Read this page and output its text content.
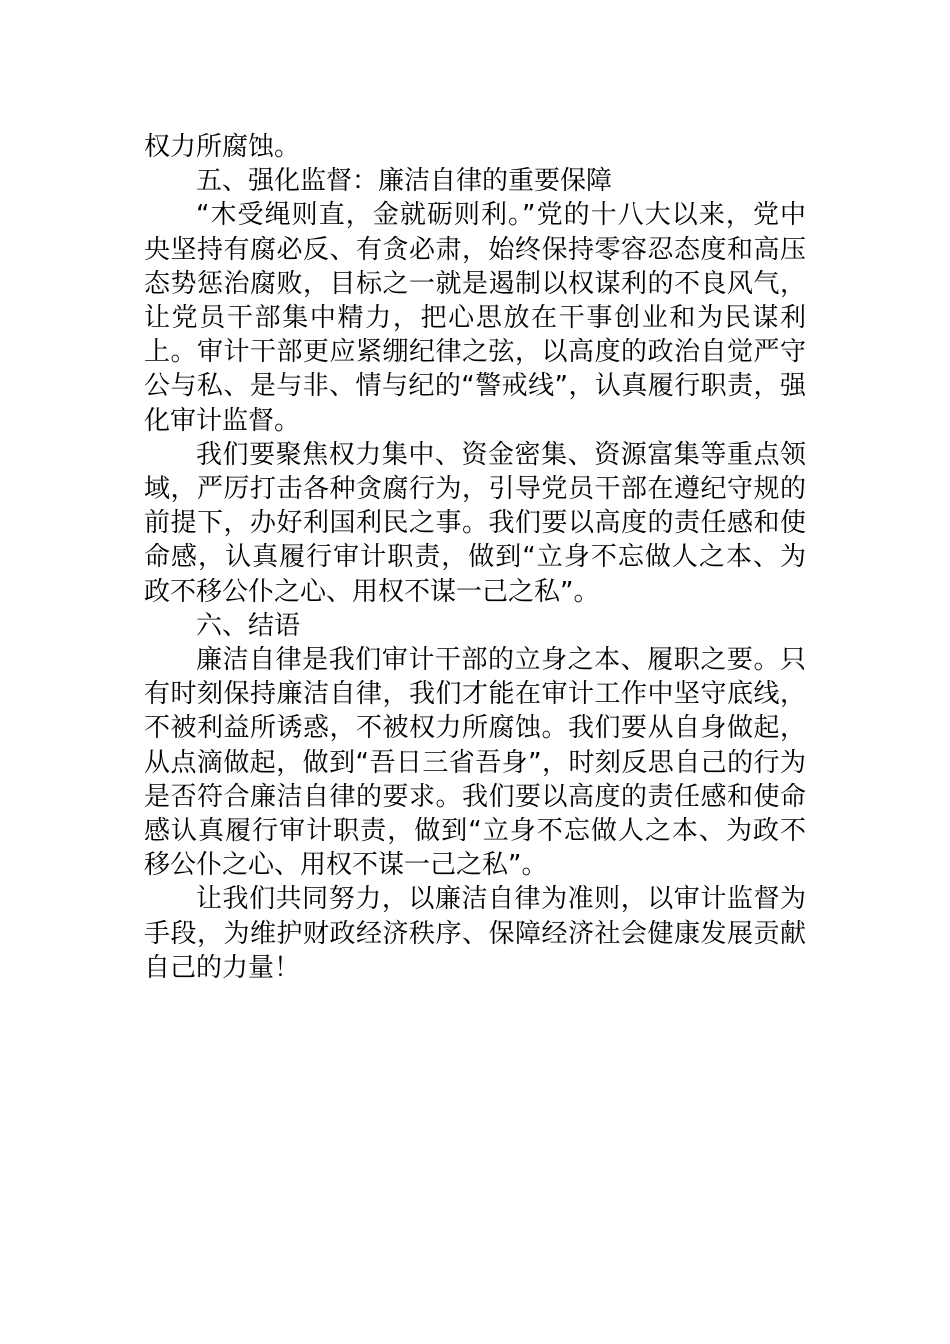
权力所腐蚀。

五、强化监督：廉洁自律的重要保障

“木受绳则直，金就砺则利。”党的十八大以来，党中央坚持有腐必反、有贪必肃，始终保持零容忍态度和高压态势惩治腐败，目标之一就是遏制以权谋利的不良风气，让党员干部集中精力，把心思放在干事创业和为民谋利上。审计干部更应紧绷纪律之弦，以高度的政治自觉严守公与私、是与非、情与纪的“警戒线”，认真履行职责，强化审计监督。

我们要聚焦权力集中、资金密集、资源富集等重点领域，严厉打击各种贪腐行为，引导党员干部在遵纪守规的前提下，办好利国利民之事。我们要以高度的责任感和使命感，认真履行审计职责，做到“立身不忘做人之本、为政不移公仆之心、用权不谋一己之私”。

六、结语

廉洁自律是我们审计干部的立身之本、履职之要。只有时刻保持廉洁自律，我们才能在审计工作中坚守底线，不被利益所诱惑，不被权力所腐蚀。我们要从自身做起，从点滴做起，做到“吾日三省吾身”，时刻反思自己的行为是否符合廉洁自律的要求。我们要以高度的责任感和使命感认真履行审计职责，做到“立身不忘做人之本、为政不移公仆之心、用权不谋一己之私”。

让我们共同努力，以廉洁自律为准则，以审计监督为手段，为维护财政经济秩序、保障经济社会健康发展贡献自己的力量！
